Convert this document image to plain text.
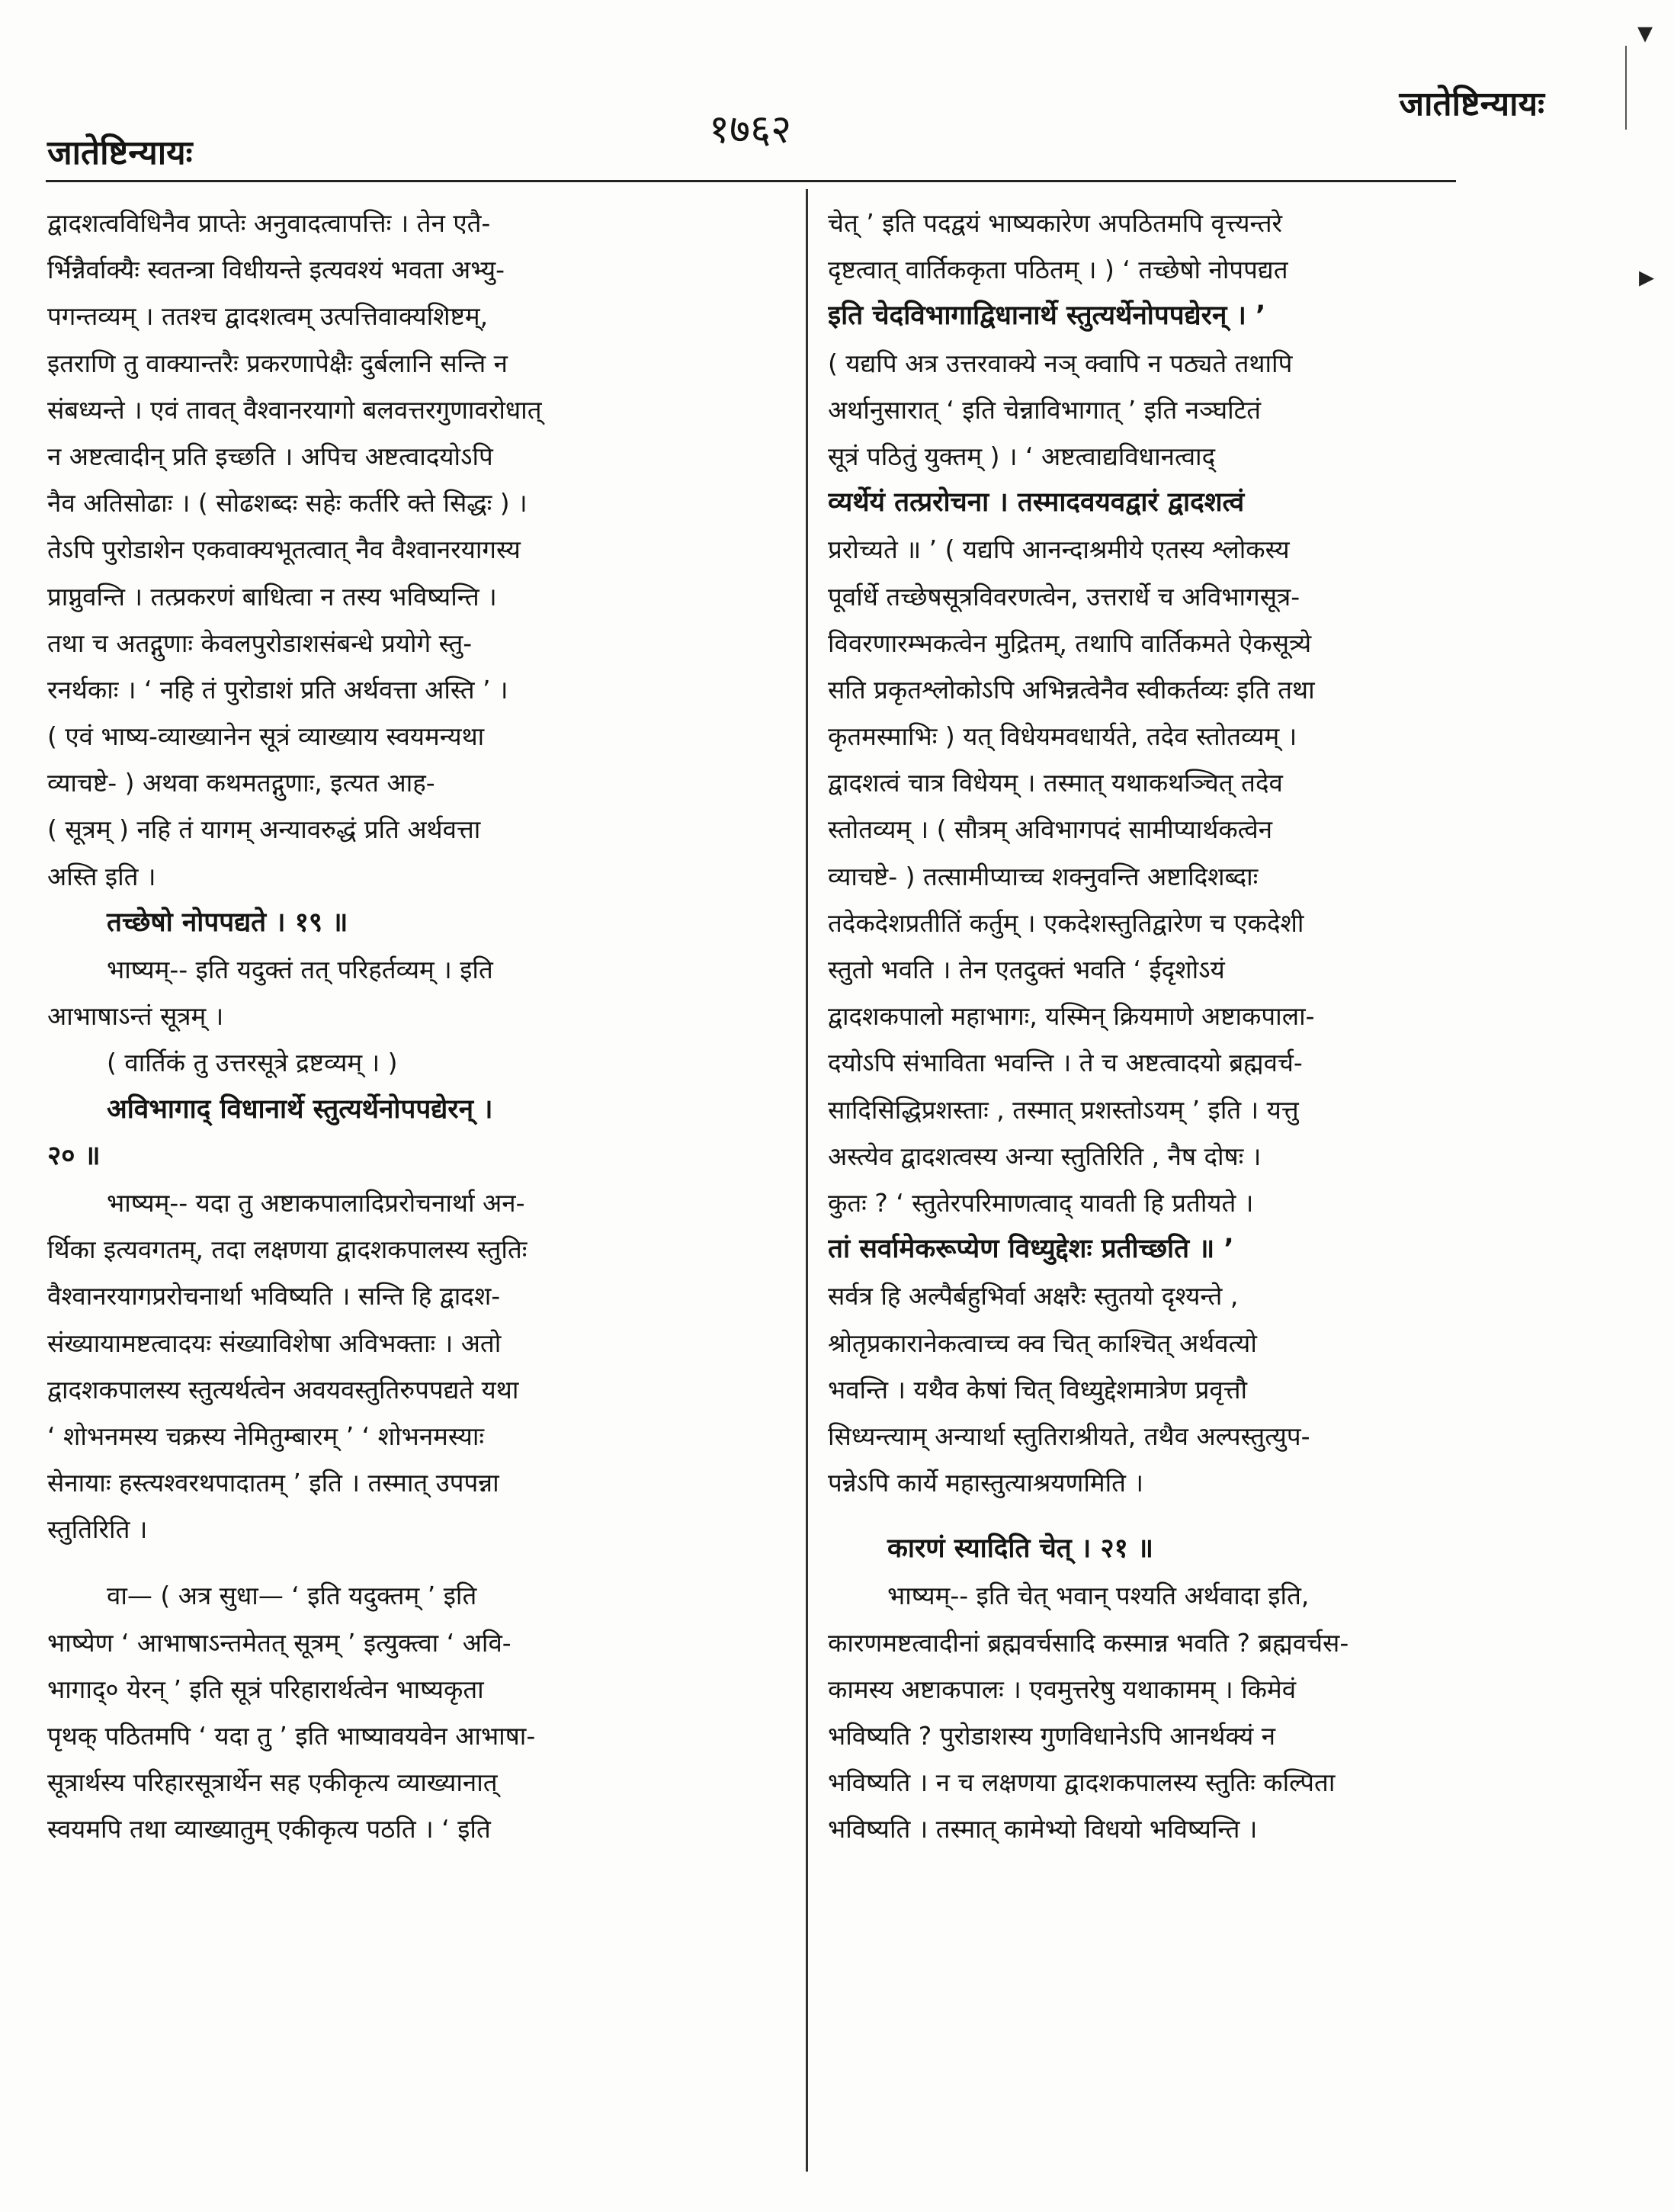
जातेष्टिन्यायः
१७६२
जातेष्टिन्यायः
▾
▸
द्वादशत्वविधिनैव प्राप्तेः अनुवादत्वापत्तिः । तेन एतै-
र्भिन्नैर्वाक्यैः स्वतन्त्रा विधीयन्ते इत्यवश्यं भवता अभ्यु-
पगन्तव्यम् । ततश्च द्वादशत्वम् उत्पत्तिवाक्यशिष्टम्,
इतराणि तु वाक्यान्तरैः प्रकरणापेक्षैः दुर्बलानि सन्ति न
संबध्यन्ते । एवं तावत् वैश्वानरयागो बलवत्तरगुणावरोधात्
न अष्टत्वादीन् प्रति इच्छति । अपिच अष्टत्वादयोऽपि
नैव अतिसोढाः । ( सोढशब्दः सहेः कर्तरि क्ते सिद्धः ) ।
तेऽपि पुरोडाशेन एकवाक्यभूतत्वात् नैव वैश्वानरयागस्य
प्राप्नुवन्ति । तत्प्रकरणं बाधित्वा न तस्य भविष्यन्ति ।
तथा च अतद्गुणाः केवलपुरोडाशसंबन्धे प्रयोगे स्तु-
रनर्थकाः । ‘ नहि तं पुरोडाशं प्रति अर्थवत्ता अस्ति ’ ।
( एवं भाष्य-व्याख्यानेन सूत्रं व्याख्याय स्वयमन्यथा
व्याचष्टे- ) अथवा कथमतद्गुणाः, इत्यत आह-
( सूत्रम् ) नहि तं यागम् अन्यावरुद्धं प्रति अर्थवत्ता
अस्ति इति ।
तच्छेषो नोपपद्यते । १९ ॥
भाष्यम्-- इति यदुक्तं तत् परिहर्तव्यम् । इति
आभाषाऽन्तं सूत्रम् ।
( वार्तिकं तु उत्तरसूत्रे द्रष्टव्यम् । )
अविभागाद् विधानार्थे स्तुत्यर्थेनोपपद्येरन् ।
२० ॥
भाष्यम्-- यदा तु अष्टाकपालादिप्ररोचनार्था अन-
र्थिका इत्यवगतम्, तदा लक्षणया द्वादशकपालस्य स्तुतिः
वैश्वानरयागप्ररोचनार्था भविष्यति । सन्ति हि द्वादश-
संख्यायामष्टत्वादयः संख्याविशेषा अविभक्ताः । अतो
द्वादशकपालस्य स्तुत्यर्थत्वेन अवयवस्तुतिरुपपद्यते यथा
‘ शोभनमस्य चक्रस्य नेमितुम्बारम् ’ ‘ शोभनमस्याः
सेनायाः हस्त्यश्वरथपादातम् ’ इति । तस्मात् उपपन्ना
स्तुतिरिति ।
वा— ( अत्र सुधा— ‘ इति यदुक्तम् ’ इति
भाष्येण ‘ आभाषाऽन्तमेतत् सूत्रम् ’ इत्युक्त्वा ‘ अवि-
भागाद्० येरन् ’ इति सूत्रं परिहारार्थत्वेन भाष्यकृता
पृथक् पठितमपि ‘ यदा तु ’ इति भाष्यावयवेन आभाषा-
सूत्रार्थस्य परिहारसूत्रार्थेन सह एकीकृत्य व्याख्यानात्
स्वयमपि तथा व्याख्यातुम् एकीकृत्य पठति । ‘ इति
चेत् ’ इति पदद्वयं भाष्यकारेण अपठितमपि वृत्त्यन्तरे
दृष्टत्वात् वार्तिककृता पठितम् । ) ‘ तच्छेषो नोपपद्यत
इति चेदविभागाद्विधानार्थे स्तुत्यर्थेनोपपद्येरन् । ’
( यद्यपि अत्र उत्तरवाक्ये नञ् क्वापि न पठ्यते तथापि
अर्थानुसारात् ‘ इति चेन्नाविभागात् ’ इति नञ्घटितं
सूत्रं पठितुं युक्तम् ) । ‘ अष्टत्वाद्यविधानत्वाद्
व्यर्थेयं तत्प्ररोचना । तस्मादवयवद्वारं द्वादशत्वं
प्ररोच्यते ॥ ’ ( यद्यपि आनन्दाश्रमीये एतस्य श्लोकस्य
पूर्वार्धे तच्छेषसूत्रविवरणत्वेन, उत्तरार्धे च अविभागसूत्र-
विवरणारम्भकत्वेन मुद्रितम्, तथापि वार्तिकमते ऐकसूत्र्ये
सति प्रकृतश्लोकोऽपि अभिन्नत्वेनैव स्वीकर्तव्यः इति तथा
कृतमस्माभिः ) यत् विधेयमवधार्यते, तदेव स्तोतव्यम् ।
द्वादशत्वं चात्र विधेयम् । तस्मात् यथाकथञ्चित् तदेव
स्तोतव्यम् । ( सौत्रम् अविभागपदं सामीप्यार्थकत्वेन
व्याचष्टे- ) तत्सामीप्याच्च शक्नुवन्ति अष्टादिशब्दाः
तदेकदेशप्रतीतिं कर्तुम् । एकदेशस्तुतिद्वारेण च एकदेशी
स्तुतो भवति । तेन एतदुक्तं भवति ‘ ईदृशोऽयं
द्वादशकपालो महाभागः, यस्मिन् क्रियमाणे अष्टाकपाला-
दयोऽपि संभाविता भवन्ति । ते च अष्टत्वादयो ब्रह्मवर्च-
सादिसिद्धिप्रशस्ताः , तस्मात् प्रशस्तोऽयम् ’ इति । यत्तु
अस्त्येव द्वादशत्वस्य अन्या स्तुतिरिति , नैष दोषः ।
कुतः ? ‘ स्तुतेरपरिमाणत्वाद् यावती हि प्रतीयते ।
तां सर्वामेकरूप्येण विध्युद्देशः प्रतीच्छति ॥ ’
सर्वत्र हि अल्पैर्बहुभिर्वा अक्षरैः स्तुतयो दृश्यन्ते ,
श्रोतृप्रकारानेकत्वाच्च क्व चित् काश्चित् अर्थवत्यो
भवन्ति । यथैव केषां चित् विध्युद्देशमात्रेण प्रवृत्तौ
सिध्यन्त्याम् अन्यार्था स्तुतिराश्रीयते, तथैव अल्पस्तुत्युप-
पन्नेऽपि कार्ये महास्तुत्याश्रयणमिति ।
कारणं स्यादिति चेत् । २१ ॥
भाष्यम्-- इति चेत् भवान् पश्यति अर्थवादा इति,
कारणमष्टत्वादीनां ब्रह्मवर्चसादि कस्मान्न भवति ? ब्रह्मवर्चस-
कामस्य अष्टाकपालः । एवमुत्तरेषु यथाकामम् । किमेवं
भविष्यति ? पुरोडाशस्य गुणविधानेऽपि आनर्थक्यं न
भविष्यति । न च लक्षणया द्वादशकपालस्य स्तुतिः कल्पिता
भविष्यति । तस्मात् कामेभ्यो विधयो भविष्यन्ति ।
